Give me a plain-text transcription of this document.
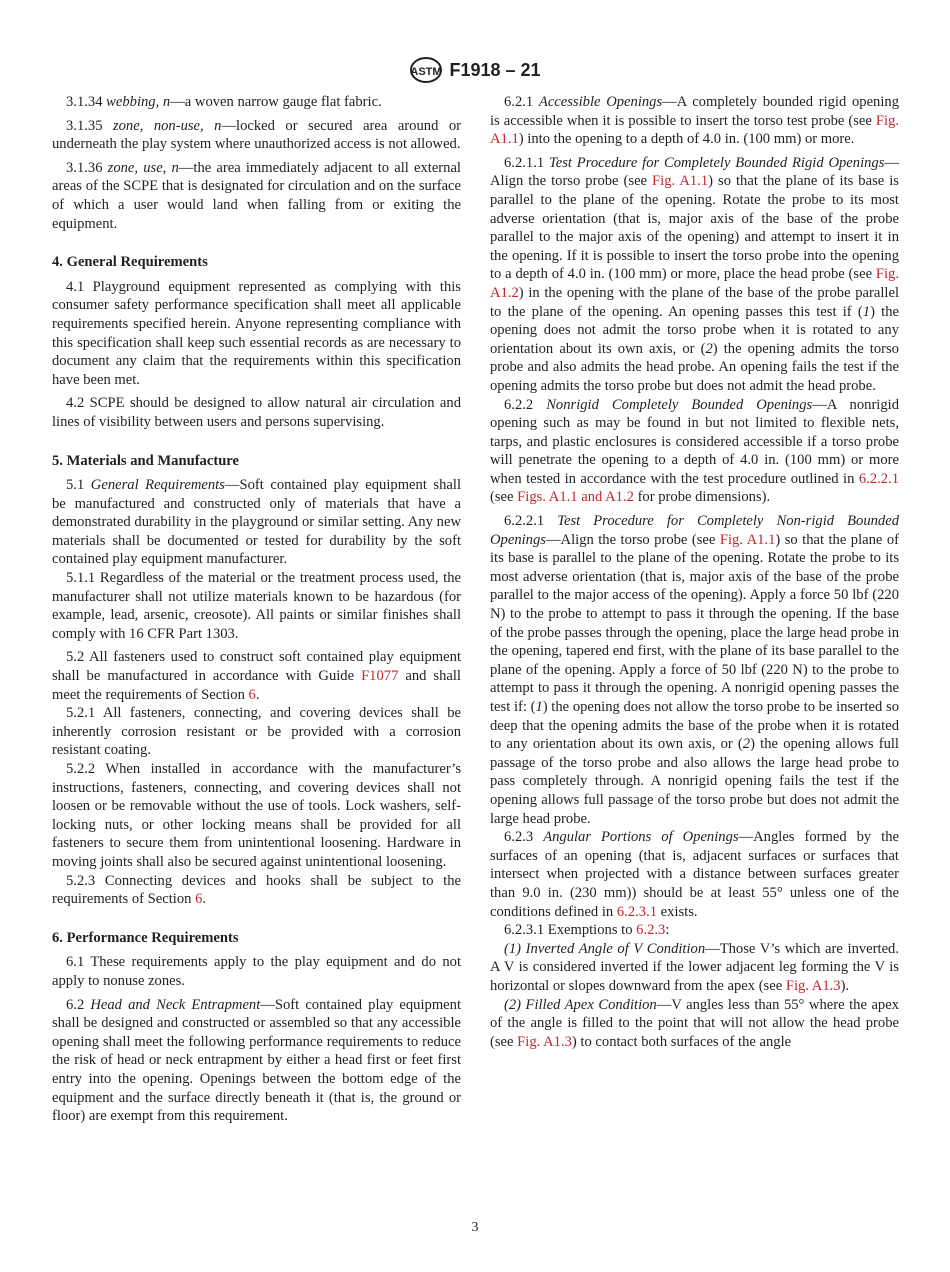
ASTM F1918 – 21

3.1.34 webbing, n—a woven narrow gauge flat fabric.

3.1.35 zone, non-use, n—locked or secured area around or underneath the play system where unauthorized access is not allowed.

3.1.36 zone, use, n—the area immediately adjacent to all external areas of the SCPE that is designated for circulation and on the surface of which a user would land when falling from or exiting the equipment.

4. General Requirements

4.1 Playground equipment represented as complying with this consumer safety performance specification shall meet all applicable requirements specified herein. Anyone representing compliance with this specification shall keep such essential records as are necessary to document any claim that the requirements within this specification have been met.

4.2 SCPE should be designed to allow natural air circulation and lines of visibility between users and persons supervising.

5. Materials and Manufacture

5.1 General Requirements—Soft contained play equipment shall be manufactured and constructed only of materials that have a demonstrated durability in the playground or similar setting. Any new materials shall be documented or tested for durability by the soft contained play equipment manufacturer.

5.1.1 Regardless of the material or the treatment process used, the manufacturer shall not utilize materials known to be hazardous (for example, lead, arsenic, creosote). All paints or similar finishes shall comply with 16 CFR Part 1303.

5.2 All fasteners used to construct soft contained play equipment shall be manufactured in accordance with Guide F1077 and shall meet the requirements of Section 6.

5.2.1 All fasteners, connecting, and covering devices shall be inherently corrosion resistant or be provided with a corrosion resistant coating.

5.2.2 When installed in accordance with the manufacturer’s instructions, fasteners, connecting, and covering devices shall not loosen or be removable without the use of tools. Lock washers, self-locking nuts, or other locking means shall be provided for all fasteners to secure them from unintentional loosening. Hardware in moving joints shall also be secured against unintentional loosening.

5.2.3 Connecting devices and hooks shall be subject to the requirements of Section 6.

6. Performance Requirements

6.1 These requirements apply to the play equipment and do not apply to nonuse zones.

6.2 Head and Neck Entrapment—Soft contained play equipment shall be designed and constructed or assembled so that any accessible opening shall meet the following performance requirements to reduce the risk of head or neck entrapment by either a head first or feet first entry into the opening. Openings between the bottom edge of the equipment and the surface directly beneath it (that is, the ground or floor) are exempt from this requirement.

6.2.1 Accessible Openings—A completely bounded rigid opening is accessible when it is possible to insert the torso test probe (see Fig. A1.1) into the opening to a depth of 4.0 in. (100 mm) or more.

6.2.1.1 Test Procedure for Completely Bounded Rigid Openings—Align the torso probe (see Fig. A1.1) so that the plane of its base is parallel to the plane of the opening. Rotate the probe to its most adverse orientation (that is, major axis of the base of the probe parallel to the major axis of the opening) and attempt to insert it in the opening. If it is possible to insert the torso probe into the opening to a depth of 4.0 in. (100 mm) or more, place the head probe (see Fig. A1.2) in the opening with the plane of the base of the probe parallel to the plane of the opening. An opening passes this test if (1) the opening does not admit the torso probe when it is rotated to any orientation about its own axis, or (2) the opening admits the torso probe and also admits the head probe. An opening fails the test if the opening admits the torso probe but does not admit the head probe.

6.2.2 Nonrigid Completely Bounded Openings—A nonrigid opening such as may be found in but not limited to flexible nets, tarps, and plastic enclosures is considered accessible if a torso probe will penetrate the opening to a depth of 4.0 in. (100 mm) or more when tested in accordance with the test procedure outlined in 6.2.2.1 (see Figs. A1.1 and A1.2 for probe dimensions).

6.2.2.1 Test Procedure for Completely Non-rigid Bounded Openings—Align the torso probe (see Fig. A1.1) so that the plane of its base is parallel to the plane of the opening. Rotate the probe to its most adverse orientation (that is, major axis of the base of the probe parallel to the major access of the opening). Apply a force 50 lbf (220 N) to the probe to attempt to pass it through the opening. If the base of the probe passes through the opening, place the large head probe in the opening, tapered end first, with the plane of its base parallel to the plane of the opening. Apply a force of 50 lbf (220 N) to the probe to attempt to pass it through the opening. A nonrigid opening passes the test if: (1) the opening does not allow the torso probe to be inserted so deep that the opening admits the base of the probe when it is rotated to any orientation about its own axis, or (2) the opening allows full passage of the torso probe and also allows the large head probe to pass completely through. A nonrigid opening fails the test if the opening allows full passage of the torso probe but does not admit the large head probe.

6.2.3 Angular Portions of Openings—Angles formed by the surfaces of an opening (that is, adjacent surfaces or surfaces that intersect when projected with a distance between surfaces greater than 9.0 in. (230 mm)) should be at least 55° unless one of the conditions defined in 6.2.3.1 exists.

6.2.3.1 Exemptions to 6.2.3:

(1) Inverted Angle of V Condition—Those V’s which are inverted. A V is considered inverted if the lower adjacent leg forming the V is horizontal or slopes downward from the apex (see Fig. A1.3).

(2) Filled Apex Condition—V angles less than 55° where the apex of the angle is filled to the point that will not allow the head probe (see Fig. A1.3) to contact both surfaces of the angle

3
